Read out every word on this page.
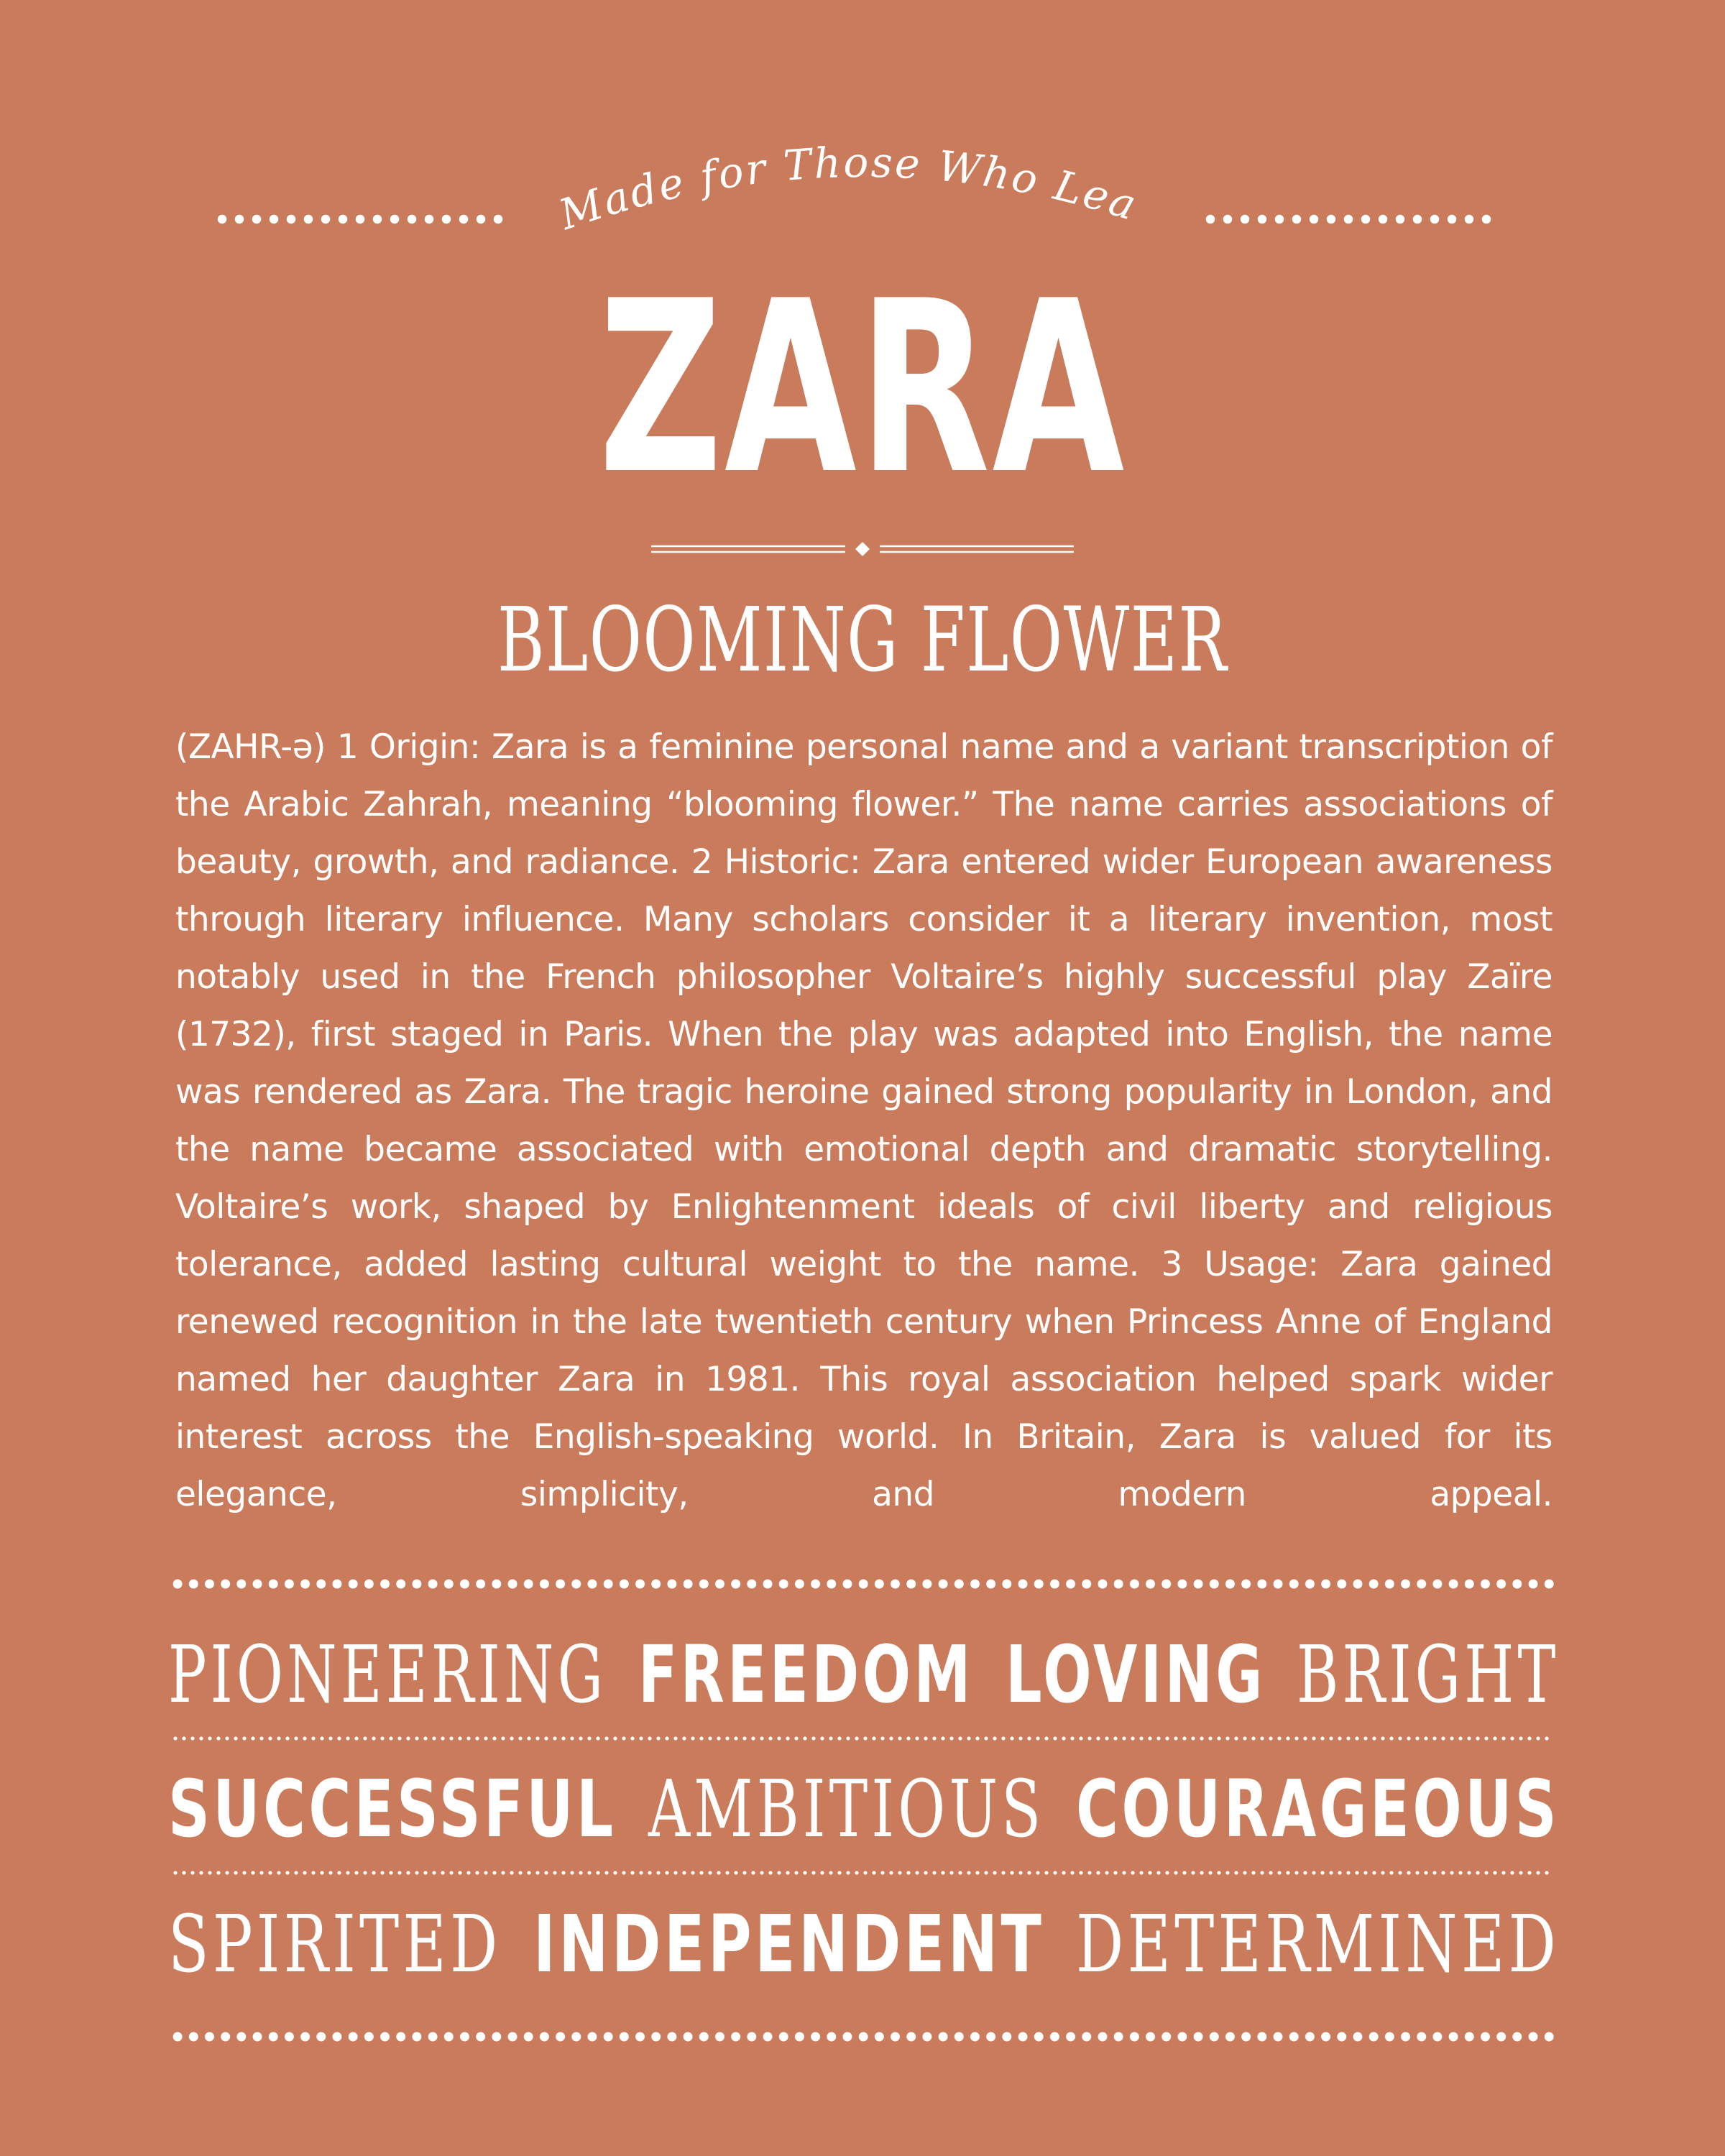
Made for Those Who Lead
ZARA
BLOOMING FLOWER
(ZAHR-ə) 1 Origin: Zara is a feminine personal name and a variant transcription of the Arabic Zahrah, meaning “blooming flower.” The name carries associations of beauty, growth, and radiance. 2 Historic: Zara entered wider European awareness through literary influence. Many scholars consider it a literary invention, most notably used in the French philosopher Voltaire’s highly successful play Zaïre (1732), first staged in Paris. When the play was adapted into English, the name was rendered as Zara. The tragic heroine gained strong popularity in London, and the name became associated with emotional depth and dramatic storytelling. Voltaire’s work, shaped by Enlightenment ideals of civil liberty and religious tolerance, added lasting cultural weight to the name. 3 Usage: Zara gained renewed recognition in the late twentieth century when Princess Anne of England named her daughter Zara in 1981. This royal association helped spark wider interest across the English-speaking world. In Britain, Zara is valued for its elegance, simplicity, and modern appeal.
PIONEERING FREEDOM LOVING BRIGHT
SUCCESSFUL AMBITIOUS COURAGEOUS
SPIRITED INDEPENDENT DETERMINED
